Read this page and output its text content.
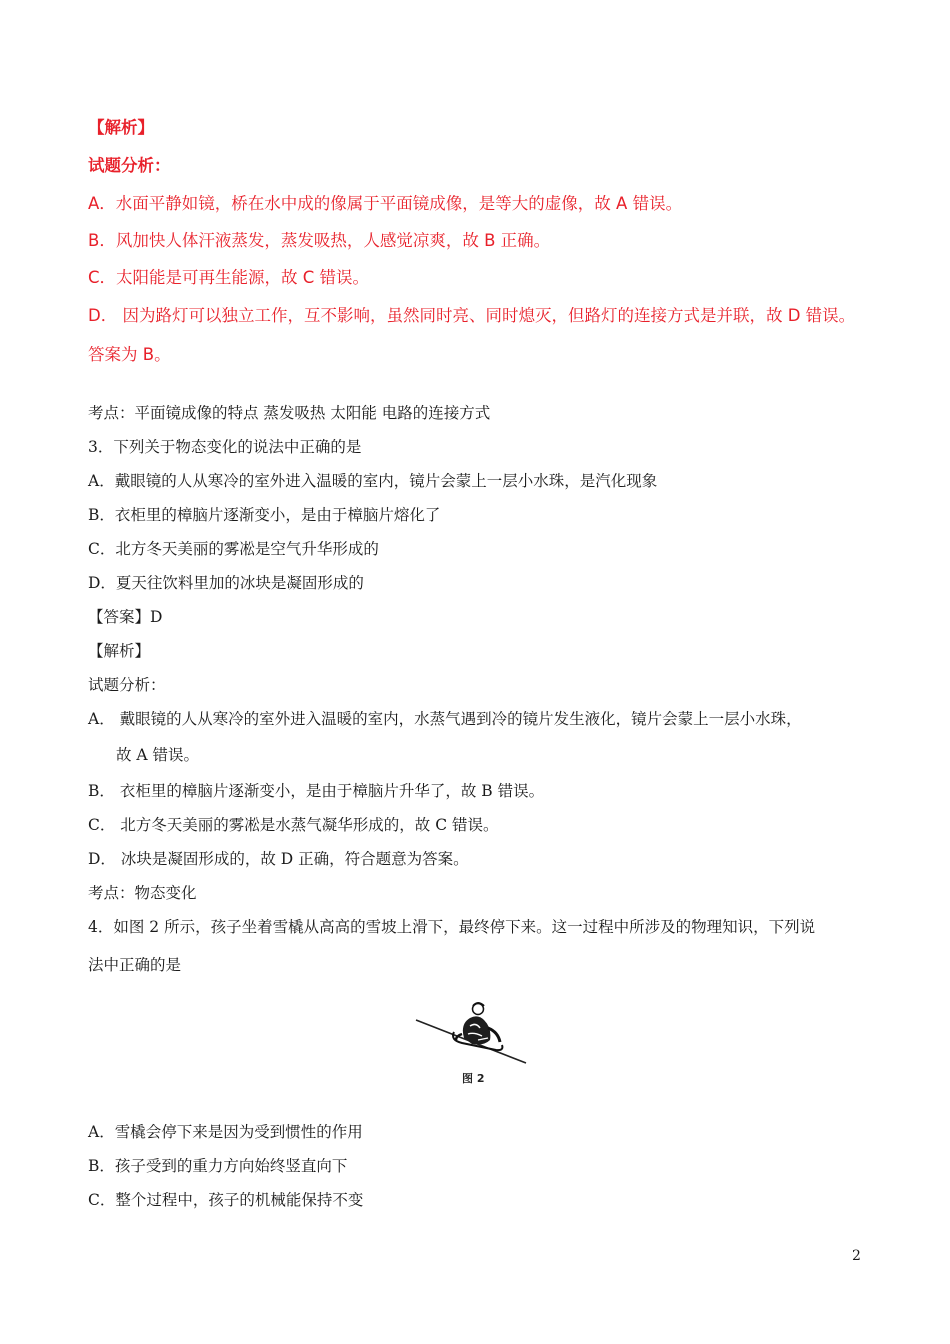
【解析】
试题分析：
A．水面平静如镜，桥在水中成的像属于平面镜成像，是等大的虚像，故 A 错误。
B．风加快人体汗液蒸发，蒸发吸热，人感觉凉爽，故 B 正确。
C．太阳能是可再生能源，故 C 错误。
D． 因为路灯可以独立工作，互不影响，虽然同时亮、同时熄灭，但路灯的连接方式是并联，故 D 错误。
答案为 B。
考点：平面镜成像的特点 蒸发吸热 太阳能 电路的连接方式
3．下列关于物态变化的说法中正确的是
A．戴眼镜的人从寒冷的室外进入温暖的室内，镜片会蒙上一层小水珠，是汽化现象
B．衣柜里的樟脑片逐渐变小，是由于樟脑片熔化了
C．北方冬天美丽的雾凇是空气升华形成的
D．夏天往饮料里加的冰块是凝固形成的
【答案】D
【解析】
试题分析：
A． 戴眼镜的人从寒冷的室外进入温暖的室内，水蒸气遇到冷的镜片发生液化，镜片会蒙上一层小水珠，
故 A 错误。
B． 衣柜里的樟脑片逐渐变小，是由于樟脑片升华了，故 B 错误。
C． 北方冬天美丽的雾凇是水蒸气凝华形成的，故 C 错误。
D． 冰块是凝固形成的，故 D 正确，符合题意为答案。
考点：物态变化
4．如图 2 所示，孩子坐着雪橇从高高的雪坡上滑下，最终停下来。这一过程中所涉及的物理知识，下列说
法中正确的是
图 2
A．雪橇会停下来是因为受到惯性的作用
B．孩子受到的重力方向始终竖直向下
C．整个过程中，孩子的机械能保持不变
2
